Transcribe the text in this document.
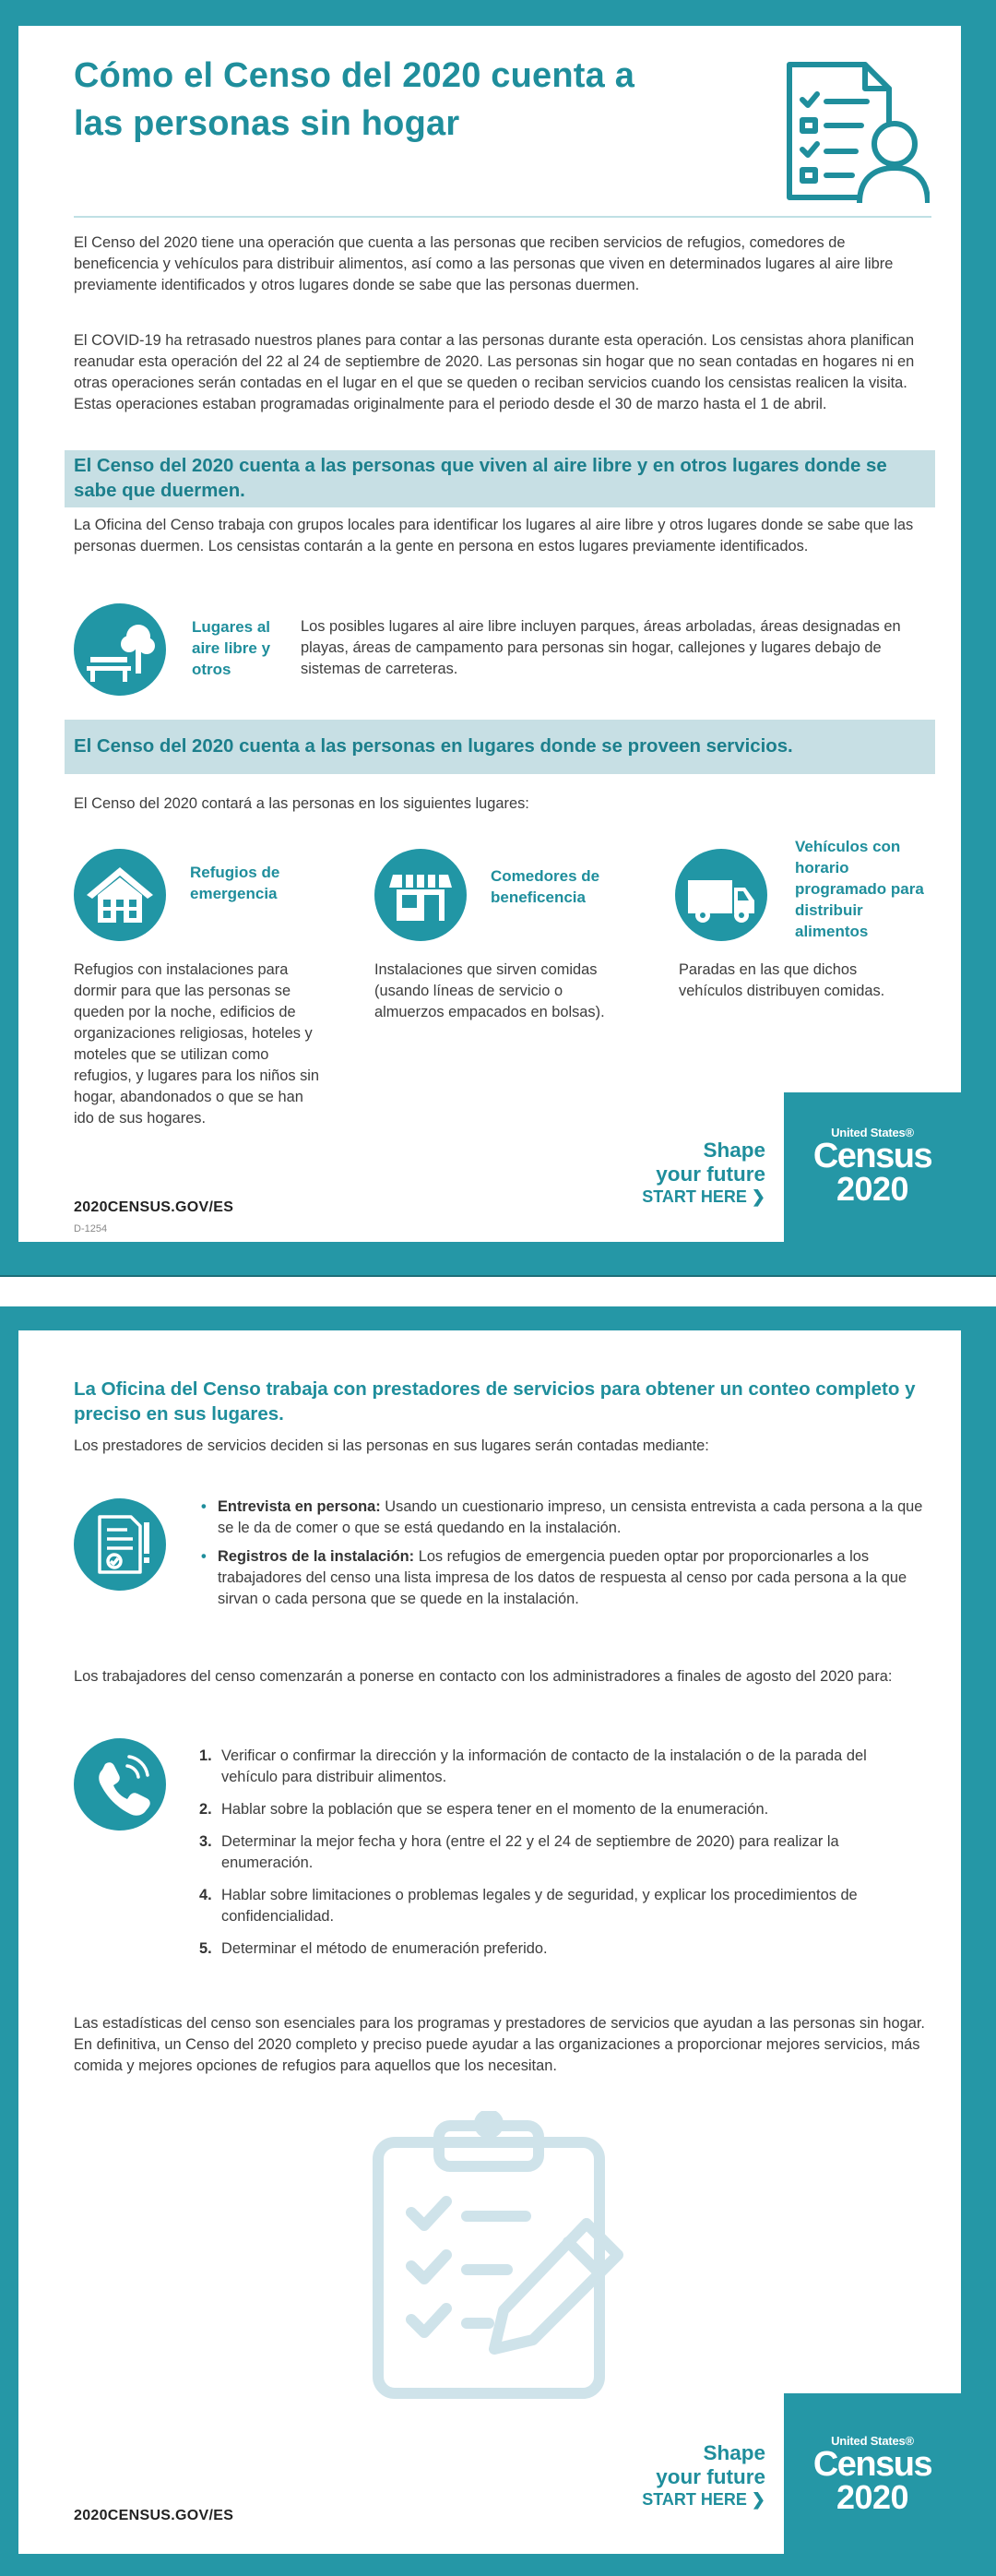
Cómo el Censo del 2020 cuenta a las personas sin hogar

El Censo del 2020 tiene una operación que cuenta a las personas que reciben servicios de refugios, comedores de beneficencia y vehículos para distribuir alimentos, así como a las personas que viven en determinados lugares al aire libre previamente identificados y otros lugares donde se sabe que las personas duermen.

El COVID-19 ha retrasado nuestros planes para contar a las personas durante esta operación. Los censistas ahora planifican reanudar esta operación del 22 al 24 de septiembre de 2020. Las personas sin hogar que no sean contadas en hogares ni en otras operaciones serán contadas en el lugar en el que se queden o reciban servicios cuando los censistas realicen la visita. Estas operaciones estaban programadas originalmente para el periodo desde el 30 de marzo hasta el 1 de abril.

El Censo del 2020 cuenta a las personas que viven al aire libre y en otros lugares donde se sabe que duermen.

La Oficina del Censo trabaja con grupos locales para identificar los lugares al aire libre y otros lugares donde se sabe que las personas duermen. Los censistas contarán a la gente en persona en estos lugares previamente identificados.

Lugares al aire libre y otros

Los posibles lugares al aire libre incluyen parques, áreas arboladas, áreas designadas en playas, áreas de campamento para personas sin hogar, callejones y lugares debajo de sistemas de carreteras.

El Censo del 2020 cuenta a las personas en lugares donde se proveen servicios.

El Censo del 2020 contará a las personas en los siguientes lugares:

Refugios de emergencia

Refugios con instalaciones para dormir para que las personas se queden por la noche, edificios de organizaciones religiosas, hoteles y moteles que se utilizan como refugios, y lugares para los niños sin hogar, abandonados o que se han ido de sus hogares.

Comedores de beneficencia

Instalaciones que sirven comidas (usando líneas de servicio o almuerzos empacados en bolsas).

Vehículos con horario programado para distribuir alimentos

Paradas en las que dichos vehículos distribuyen comidas.

2020CENSUS.GOV/ES
D-1254
Shape
your future
START HERE ❯
United States®
Census
2020
La Oficina del Censo trabaja con prestadores de servicios para obtener un conteo completo y preciso en sus lugares.

Los prestadores de servicios deciden si las personas en sus lugares serán contadas mediante:

• Entrevista en persona: Usando un cuestionario impreso, un censista entrevista a cada persona a la que se le da de comer o que se está quedando en la instalación.
• Registros de la instalación: Los refugios de emergencia pueden optar por proporcionarles a los trabajadores del censo una lista impresa de los datos de respuesta al censo por cada persona a la que sirvan o cada persona que se quede en la instalación.

Los trabajadores del censo comenzarán a ponerse en contacto con los administradores a finales de agosto del 2020 para:

1. Verificar o confirmar la dirección y la información de contacto de la instalación o de la parada del vehículo para distribuir alimentos.
2. Hablar sobre la población que se espera tener en el momento de la enumeración.
3. Determinar la mejor fecha y hora (entre el 22 y el 24 de septiembre de 2020) para realizar la enumeración.
4. Hablar sobre limitaciones o problemas legales y de seguridad, y explicar los procedimientos de confidencialidad.
5. Determinar el método de enumeración preferido.

Las estadísticas del censo son esenciales para los programas y prestadores de servicios que ayudan a las personas sin hogar. En definitiva, un Censo del 2020 completo y preciso puede ayudar a las organizaciones a proporcionar mejores servicios, más comida y mejores opciones de refugios para aquellos que los necesitan.

2020CENSUS.GOV/ES
Shape
your future
START HERE ❯
United States®
Census
2020
